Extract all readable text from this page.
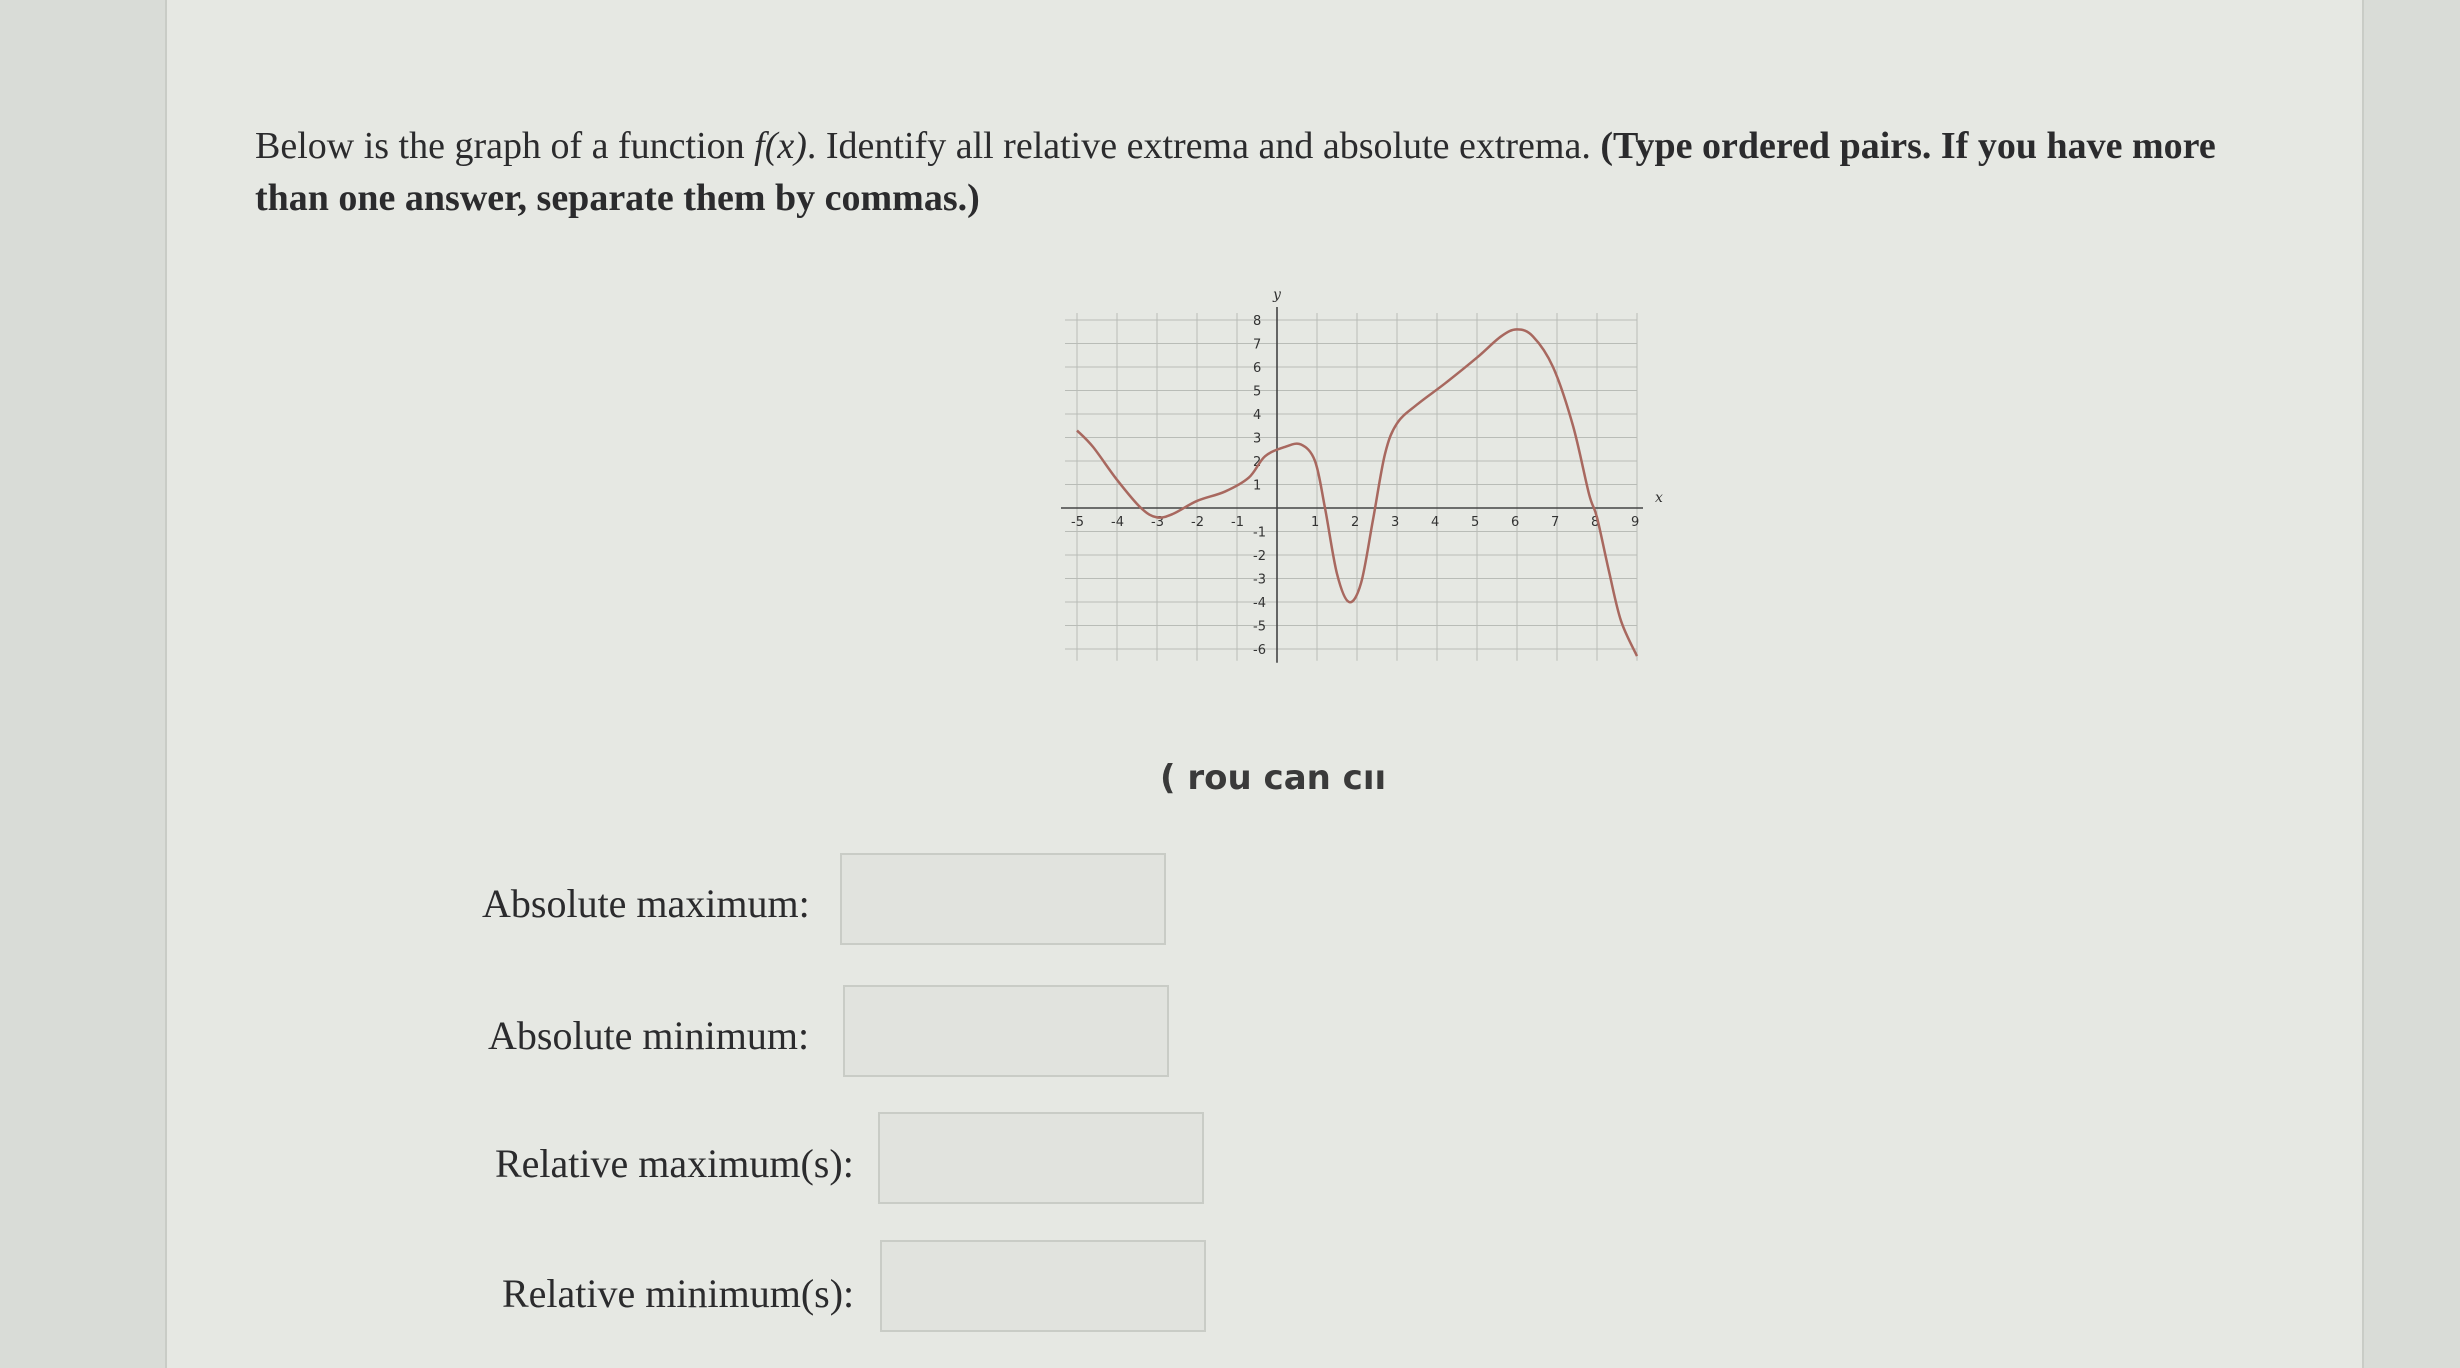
Below is the graph of a function f(x). Identify all relative extrema and absolute extrema. (Type ordered pairs. If you have more than one answer, separate them by commas.)
x
y
-5 -4 -3 -2 -1	1 2 3 4 5 6 7 8 9
8
7
6
5
4
3
2
1
-1
-2
-3
-4
-5
-6
( rou can cıı
Absolute maximum:
Absolute minimum:
Relative maximum(s):
Relative minimum(s):
